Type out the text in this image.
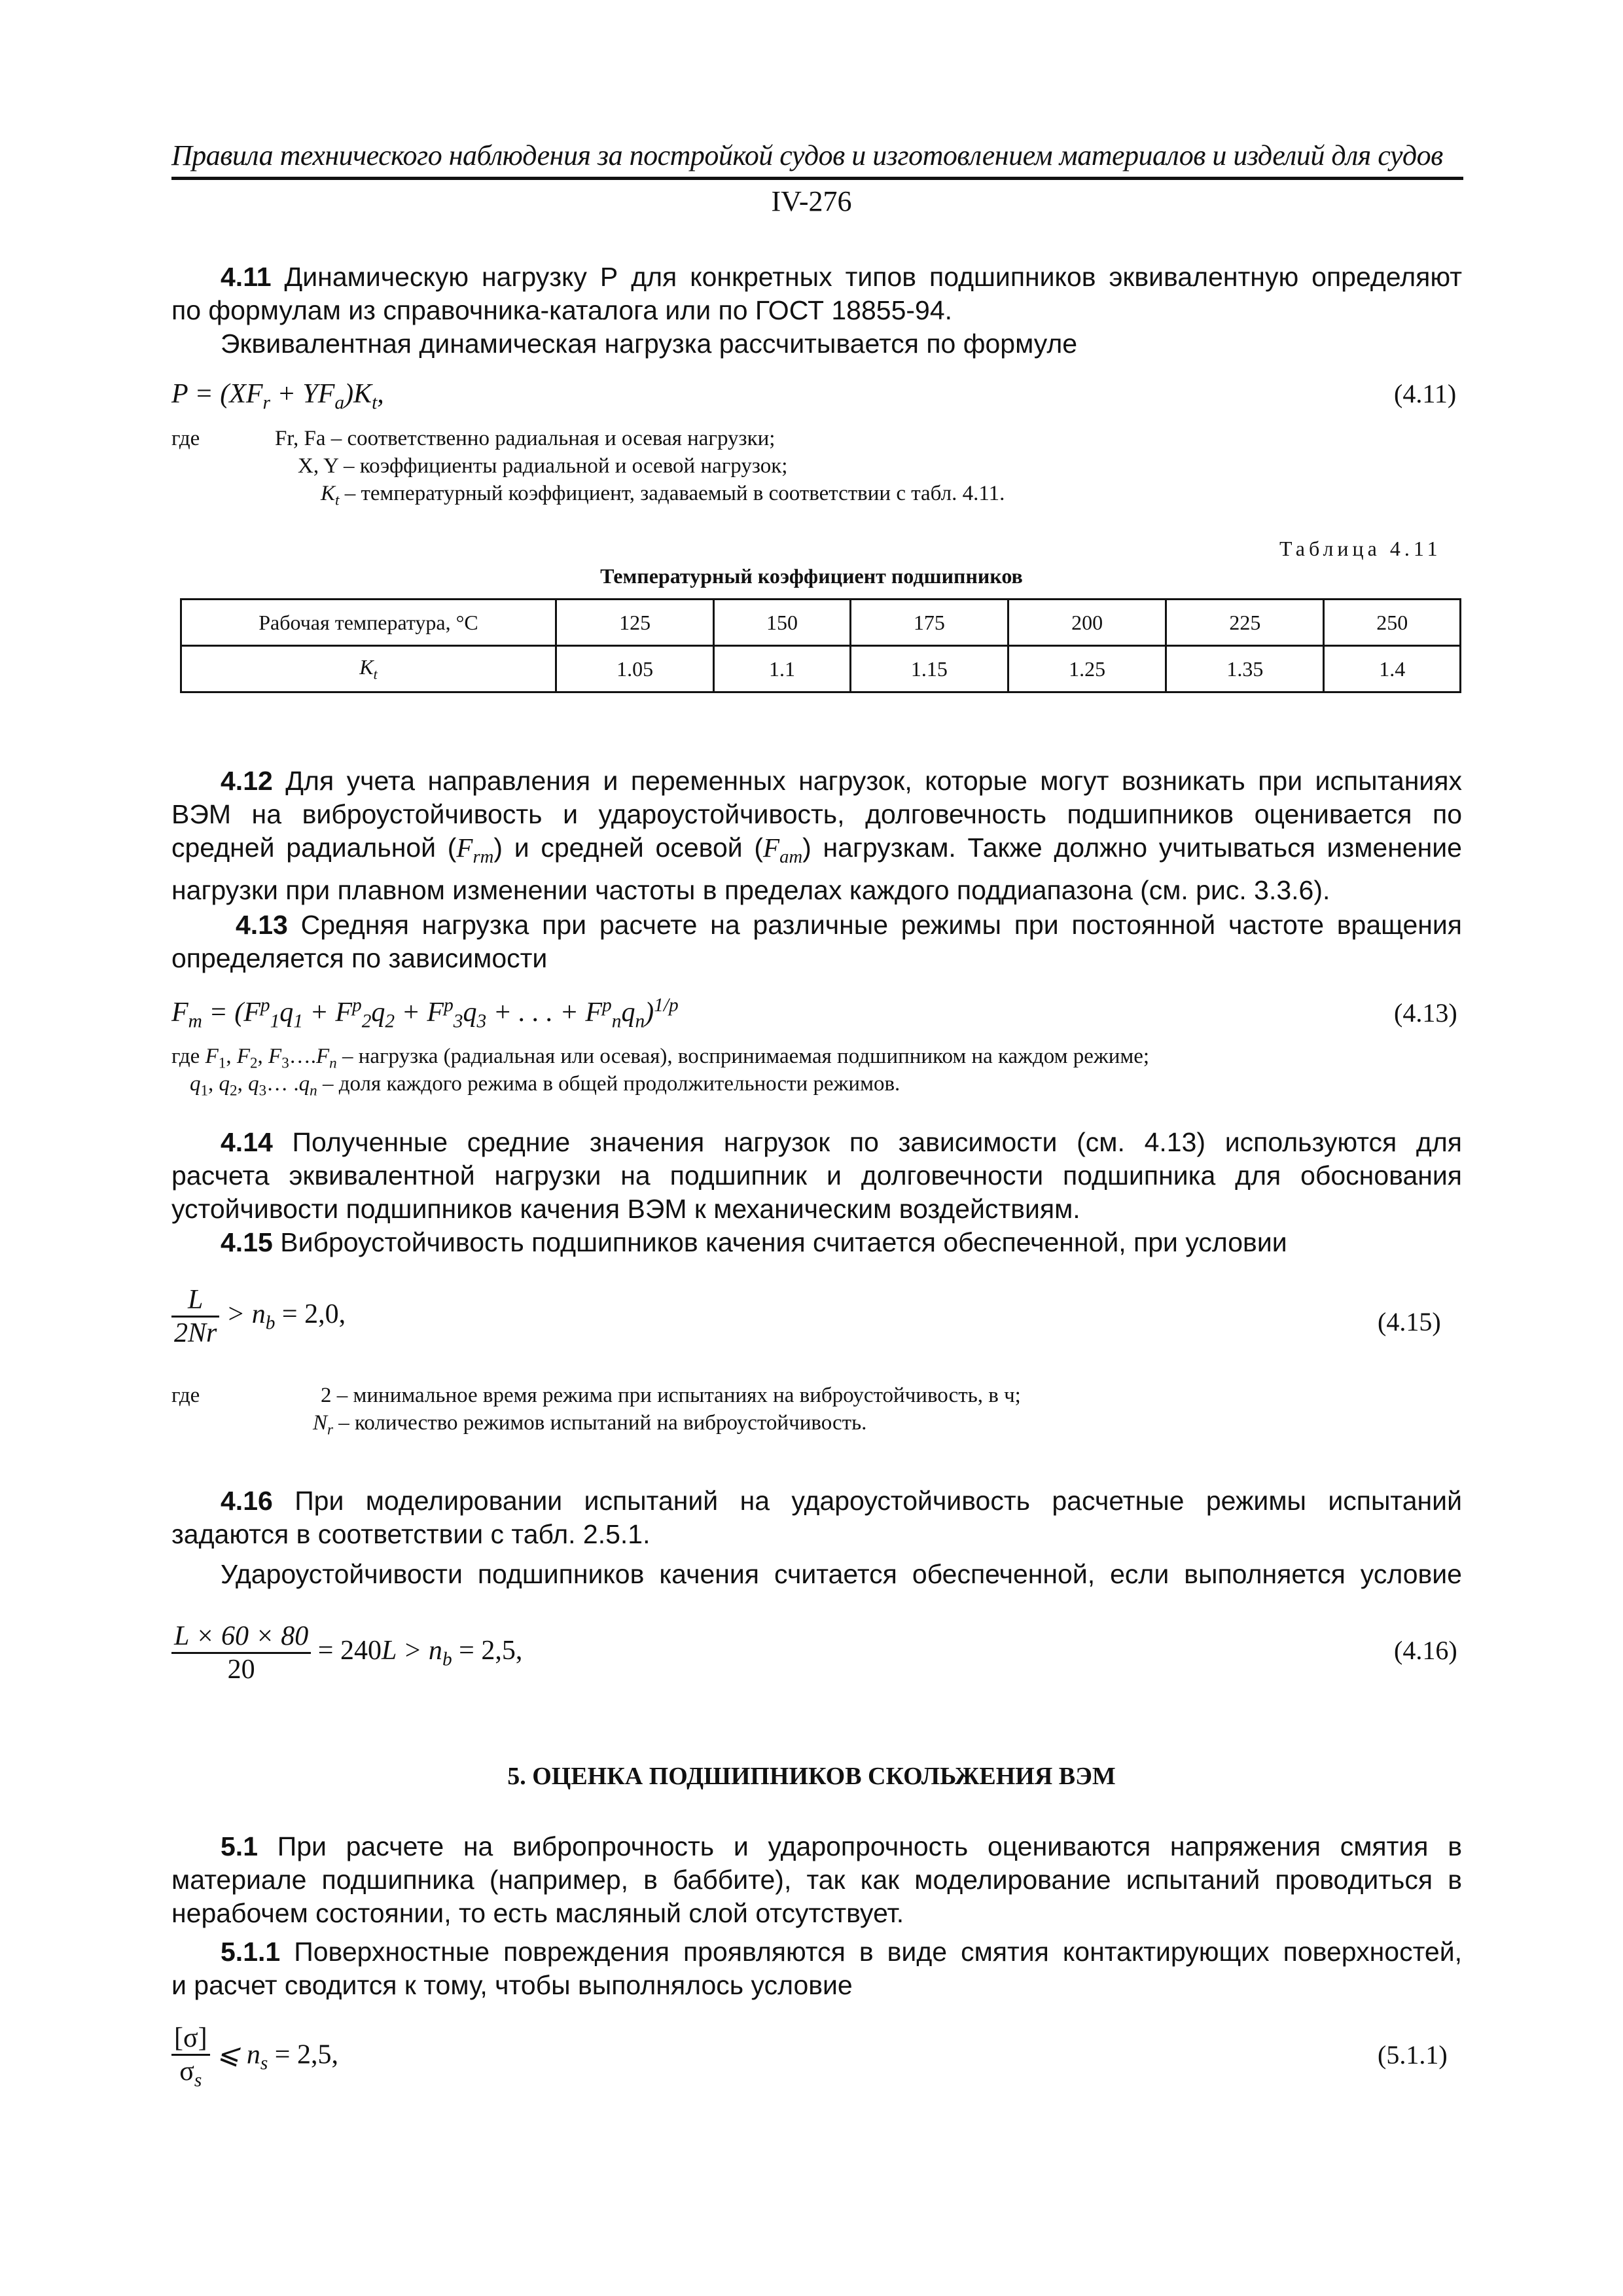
Правила технического наблюдения за постройкой судов и изготовлением материалов и изделий для судов
IV-276
4.11 Динамическую нагрузку Р для конкретных типов подшипников эквивалентную определяют
по формулам из справочника-каталога или по ГОСТ 18855-94.
Эквивалентная динамическая нагрузка рассчитывается по формуле
$P = (XF_r + YF_a)K_t$,	(4.11)
где	Fr, Fa – соответственно радиальная и осевая нагрузки;
X, Y – коэффициенты радиальной и осевой нагрузок;
$K_t$ – температурный коэффициент, задаваемый в соответствии с табл. 4.11.
Таблица 4.11
Температурный коэффициент подшипников
Рабочая температура, °С	125	150	175	200	225	250
$K_t$	1.05	1.1	1.15	1.25	1.35	1.4
4.12 Для учета направления и переменных нагрузок, которые могут возникать при испытаниях
ВЭМ на виброустойчивость и удароустойчивость, долговечность подшипников оценивается по
средней радиальной $(F_{rm})$ и средней осевой $(F_{am})$ нагрузкам. Также должно учитываться изменение
нагрузки при плавном изменении частоты в пределах каждого поддиапазона (см. рис. 3.3.6).
4.13 Средняя нагрузка при расчете на различные режимы при постоянной частоте вращения
определяется по зависимости
$F_m = (F^p_1q_1 + F^p_2q_2 + F^p_3q_3$ + . . . + $F^p_nq_n)^{1/p}$	(4.13)
где $F_1$, $F_2$, $F_3\dots.F_n$ – нагрузка (радиальная или осевая), воспринимаемая подшипником на каждом режиме;
$q_1$, $q_2$, $q_3\dots$ $.q_n$ – доля каждого режима в общей продолжительности режимов.
4.14 Полученные средние значения нагрузок по зависимости (см. 4.13) используются для
расчета эквивалентной нагрузки на подшипник и долговечности подшипника для обоснования
устойчивости подшипников качения ВЭМ к механическим воздействиям.
4.15 Виброустойчивость подшипников качения считается обеспеченной, при условии
$\frac{L}{2Nr} > n_b = 2,0$,	(4.15)
где	2 – минимальное время режима при испытаниях на виброустойчивость, в ч;
$N_r$ – количество режимов испытаний на виброустойчивость.
4.16 При моделировании испытаний на удароустойчивость расчетные режимы испытаний
задаются в соответствии с табл. 2.5.1.
Удароустойчивости подшипников качения считается обеспеченной, если выполняется условие
$\frac{L \times 60 \times 80}{20} = 240L > n_b = 2,5$,	(4.16)
5. ОЦЕНКА ПОДШИПНИКОВ СКОЛЬЖЕНИЯ ВЭМ
5.1 При расчете на вибропрочность и ударопрочность оцениваются напряжения смятия в
материале подшипника (например, в баббите), так как моделирование испытаний проводиться в
нерабочем состоянии, то есть масляный слой отсутствует.
5.1.1 Поверхностные повреждения проявляются в виде смятия контактирующих поверхностей,
и расчет сводится к тому, чтобы выполнялось условие
$\frac{[\sigma]}{\sigma_s}$ ⩽ $n_s = 2,5$,	(5.1.1)
